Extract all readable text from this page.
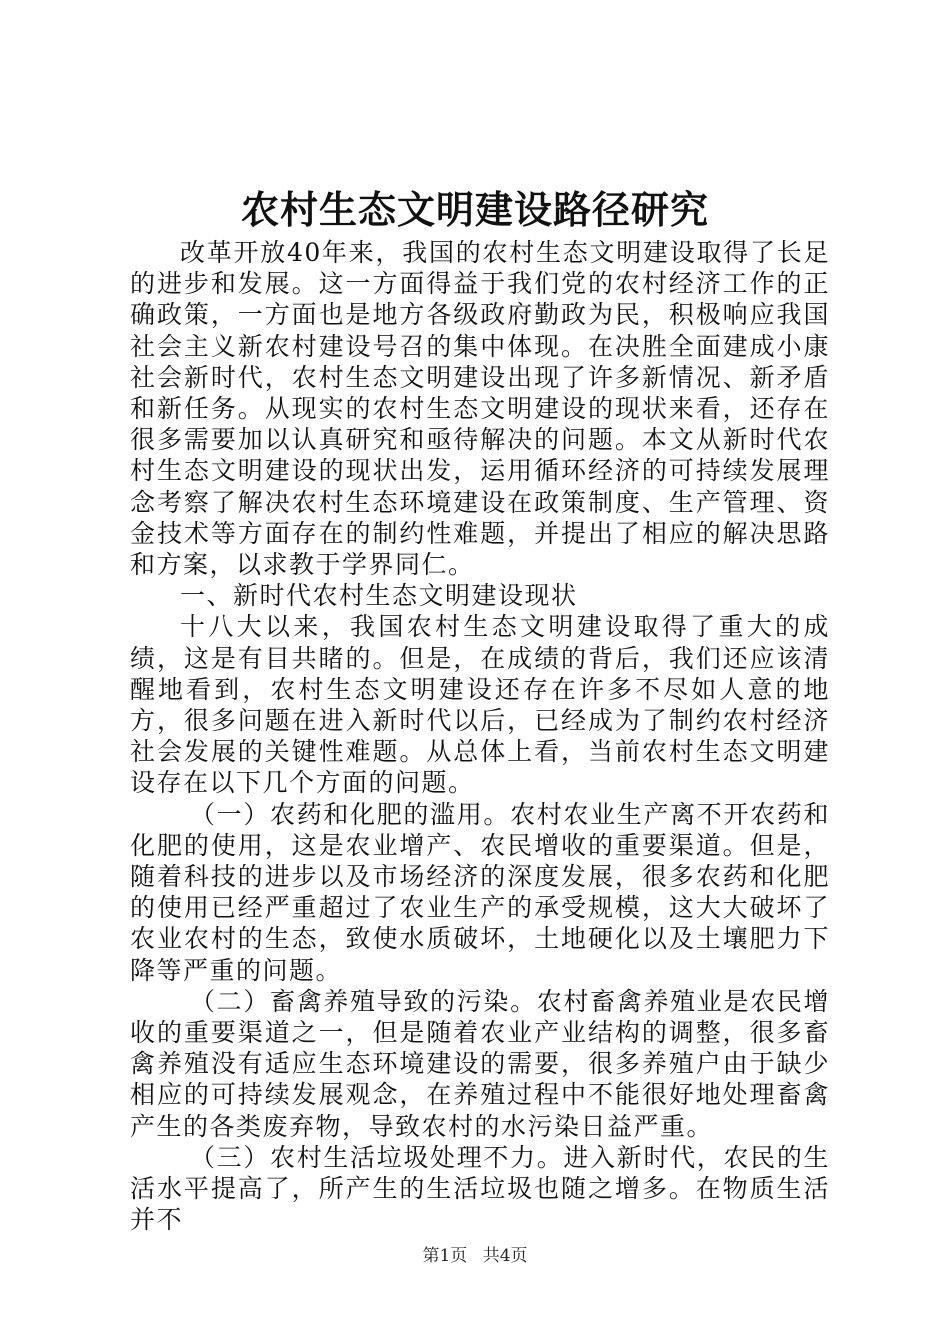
农村生态文明建设路径研究

改革开放40年来，我国的农村生态文明建设取得了长足的进步和发展。这一方面得益于我们党的农村经济工作的正确政策，一方面也是地方各级政府勤政为民，积极响应我国社会主义新农村建设号召的集中体现。在决胜全面建成小康社会新时代，农村生态文明建设出现了许多新情况、新矛盾和新任务。从现实的农村生态文明建设的现状来看，还存在很多需要加以认真研究和亟待解决的问题。本文从新时代农村生态文明建设的现状出发，运用循环经济的可持续发展理念考察了解决农村生态环境建设在政策制度、生产管理、资金技术等方面存在的制约性难题，并提出了相应的解决思路和方案，以求教于学界同仁。

一、新时代农村生态文明建设现状

十八大以来，我国农村生态文明建设取得了重大的成绩，这是有目共睹的。但是，在成绩的背后，我们还应该清醒地看到，农村生态文明建设还存在许多不尽如人意的地方，很多问题在进入新时代以后，已经成为了制约农村经济社会发展的关键性难题。从总体上看，当前农村生态文明建设存在以下几个方面的问题。

（一）农药和化肥的滥用。农村农业生产离不开农药和化肥的使用，这是农业增产、农民增收的重要渠道。但是，随着科技的进步以及市场经济的深度发展，很多农药和化肥的使用已经严重超过了农业生产的承受规模，这大大破坏了农业农村的生态，致使水质破坏，土地硬化以及土壤肥力下降等严重的问题。

（二）畜禽养殖导致的污染。农村畜禽养殖业是农民增收的重要渠道之一，但是随着农业产业结构的调整，很多畜禽养殖没有适应生态环境建设的需要，很多养殖户由于缺少相应的可持续发展观念，在养殖过程中不能很好地处理畜禽产生的各类废弃物，导致农村的水污染日益严重。

（三）农村生活垃圾处理不力。进入新时代，农民的生活水平提高了，所产生的生活垃圾也随之增多。在物质生活并不

第1页 共4页
